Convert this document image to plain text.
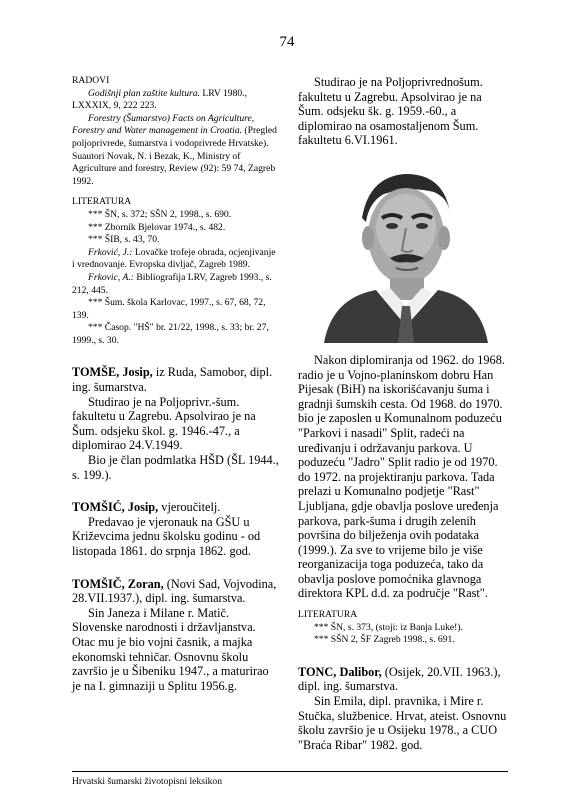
74

RADOVI

Godišnji plan zaštite kultura. LRV 1980., LXXXIX, 9, 222 223.

Forestry (Šumarstvo) Facts on Agriculture, Forestry and Water management in Croatia. (Pregled poljoprivrede, šumarstva i vodoprivrede Hrvatske). Suautori Novak, N. i Bezak, K., Ministry of Agriculture and forestry, Review (92): 59 74, Zagreb 1992.

LITERATURA

*** ŠN, s. 372; SŠN 2, 1998., s. 690.

*** Zbornik Bjelovar 1974., s. 482.

*** ŠIB, s. 43, 70.

Frković, J.: Lovačke trofeje obrada, ocjenjivanje i vrednovanje. Evropska divljač, Zagreb 1989.

Frkovic, A.: Bibliografija LRV, Zagreb 1993., s. 212, 445.

*** Šum. škola Karlovac, 1997., s. 67, 68, 72, 139.

*** Časop. "HŠ" br. 21/22, 1998., s. 33; br. 27, 1999., s. 30.

TOMŠE, Josip, iz Ruda, Samobor, dipl. ing. šumarstva.

Studirao je na Poljoprivr.-šum. fakultetu u Zagrebu. Apsolvirao je na Šum. odsjeku škol. g. 1946.-47., a diplomirao 24.V.1949.

Bio je član podmlatka HŠD (ŠL 1944., s. 199.).

TOMŠIĆ, Josip, vjeroučitelj.

Predavao je vjeronauk na GŠU u Križevcima jednu školsku godinu - od listopada 1861. do srpnja 1862. god.

TOMŠIČ, Zoran, (Novi Sad, Vojvodina, 28.VII.1937.), dipl. ing. šumarstva.

Sin Janeza i Milane r. Matič. Slovenske narodnosti i državljanstva. Otac mu je bio vojni časnik, a majka ekonomski tehničar. Osnovnu školu završio je u Šibeniku 1947., a maturirao je na I. gimnaziji u Splitu 1956.g.

Studirao je na Poljoprivrednošum. fakultetu u Zagrebu. Apsolvirao je na Šum. odsjeku šk. g. 1959.-60., a diplomirao na osamostaljenom Šum. fakultetu 6.VI.1961.

Nakon diplomiranja od 1962. do 1968. radio je u Vojno-planinskom dobru Han Pijesak (BiH) na iskorišćavanju šuma i gradnji šumskih cesta. Od 1968. do 1970. bio je zaposlen u Komunalnom poduzeću "Parkovi i nasadi" Split, radeći na uređivanju i održavanju parkova. U poduzeću "Jadro" Split radio je od 1970. do 1972. na projektiranju parkova. Tada prelazi u Komunalno podjetje "Rast" Ljubljana, gdje obavlja poslove uređenja parkova, park-šuma i drugih zelenih površina do bilježenja ovih podataka (1999.). Za sve to vrijeme bilo je više reorganizacija toga poduzeća, tako da obavlja poslove pomoćnika glavnoga direktora KPL d.d. za područje "Rast".

LITERATURA

*** ŠN, s. 373, (stoji: iz Banja Luke!).

*** SŠN 2, ŠF Zagreb 1998., s. 691.

TONC, Dalibor, (Osijek, 20.VII. 1963.), dipl. ing. šumarstva.

Sin Emila, dipl. pravnika, i Mire r. Stučka, službenice. Hrvat, ateist. Osnovnu školu završio je u Osijeku 1978., a CUO "Braća Ribar" 1982. god.

Hrvatski šumarski životopisni leksikon
